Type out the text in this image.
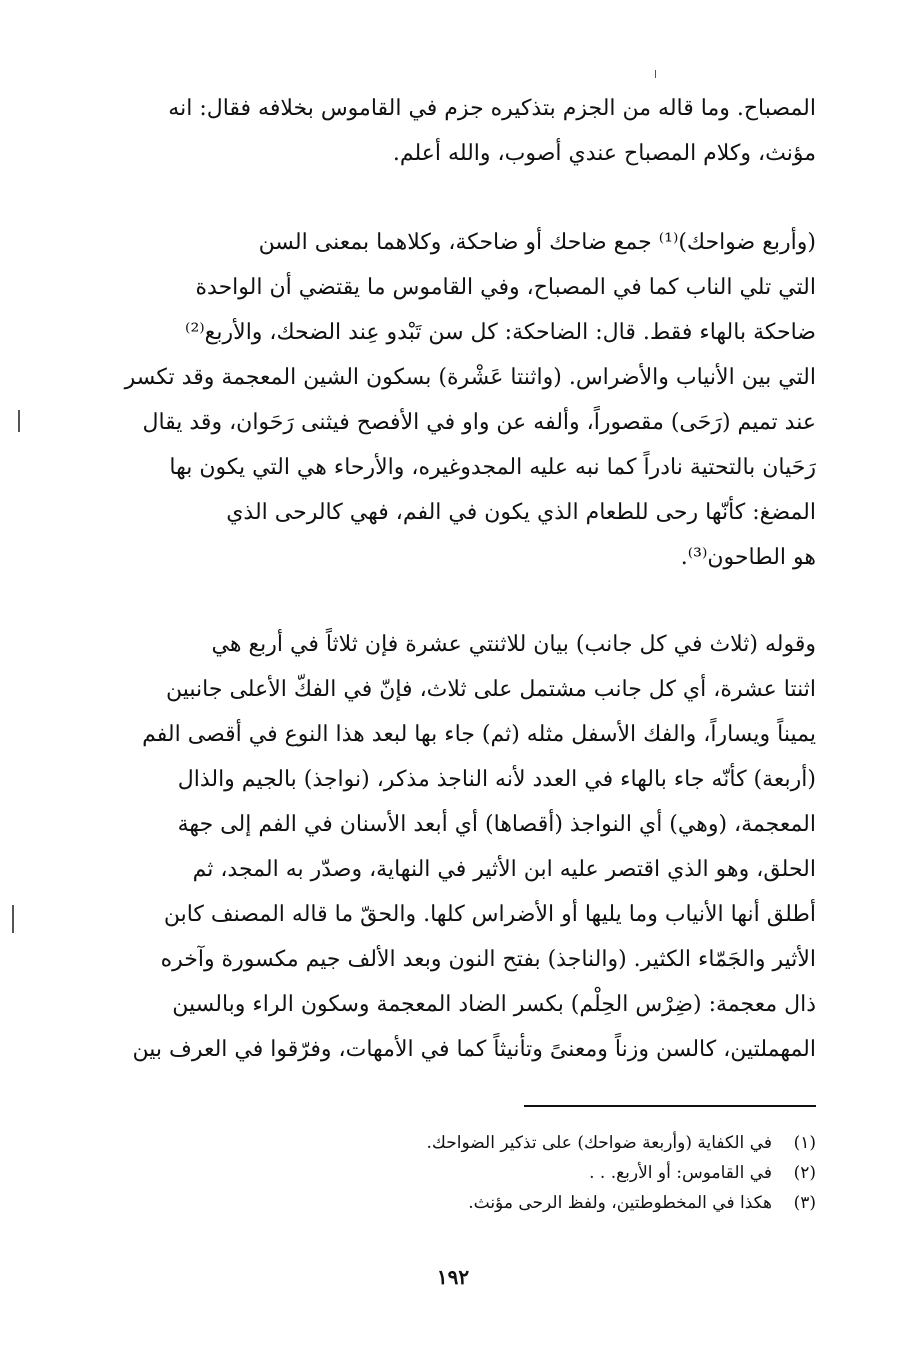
المصباح. وما قاله من الجزم بتذكيره جزم في القاموس بخلافه فقال: انه
مؤنث، وكلام المصباح عندي أصوب، والله أعلم.
(وأربع ضواحك)⁽¹⁾ جمع ضاحك أو ضاحكة، وكلاهما بمعنى السن
التي تلي الناب كما في المصباح، وفي القاموس ما يقتضي أن الواحدة
ضاحكة بالهاء فقط. قال: الضاحكة: كل سن تَبْدو عِند الضحك، والأربع⁽²⁾
التي بين الأنياب والأضراس. (واثنتا عَشْرة) بسكون الشين المعجمة وقد تكسر
عند تميم (رَحَى) مقصوراً، وألفه عن واو في الأفصح فيثنى رَحَوان، وقد يقال
رَحَيان بالتحتية نادراً كما نبه عليه المجدوغيره، والأرحاء هي التي يكون بها
المضغ: كأنّها رحى للطعام الذي يكون في الفم، فهي كالرحى الذي
هو الطاحون⁽³⁾.
وقوله (ثلاث في كل جانب) بيان للاثنتي عشرة فإن ثلاثاً في أربع هي
اثنتا عشرة، أي كل جانب مشتمل على ثلاث، فإنّ في الفكّ الأعلى جانبين
يميناً ويساراً، والفك الأسفل مثله (ثم) جاء بها لبعد هذا النوع في أقصى الفم
(أربعة) كأنّه جاء بالهاء في العدد لأنه الناجذ مذكر، (نواجذ) بالجيم والذال
المعجمة، (وهي) أي النواجذ (أقصاها) أي أبعد الأسنان في الفم إلى جهة
الحلق، وهو الذي اقتصر عليه ابن الأثير في النهاية، وصدّر به المجد، ثم
أطلق أنها الأنياب وما يليها أو الأضراس كلها. والحقّ ما قاله المصنف كابن
الأثير والجَمّاء الكثير. (والناجذ) بفتح النون وبعد الألف جيم مكسورة وآخره
ذال معجمة: (ضِرْس الحِلْم) بكسر الضاد المعجمة وسكون الراء وبالسين
المهملتين، كالسن وزناً ومعنىً وتأنيثاً كما في الأمهات، وفرّقوا في العرف بين
(١)
في الكفاية (وأربعة ضواحك) على تذكير الضواحك.
(٢)
في القاموس: أو الأربع. . .
(٣)
هكذا في المخطوطتين، ولفظ الرحى مؤنث.
١٩٢
